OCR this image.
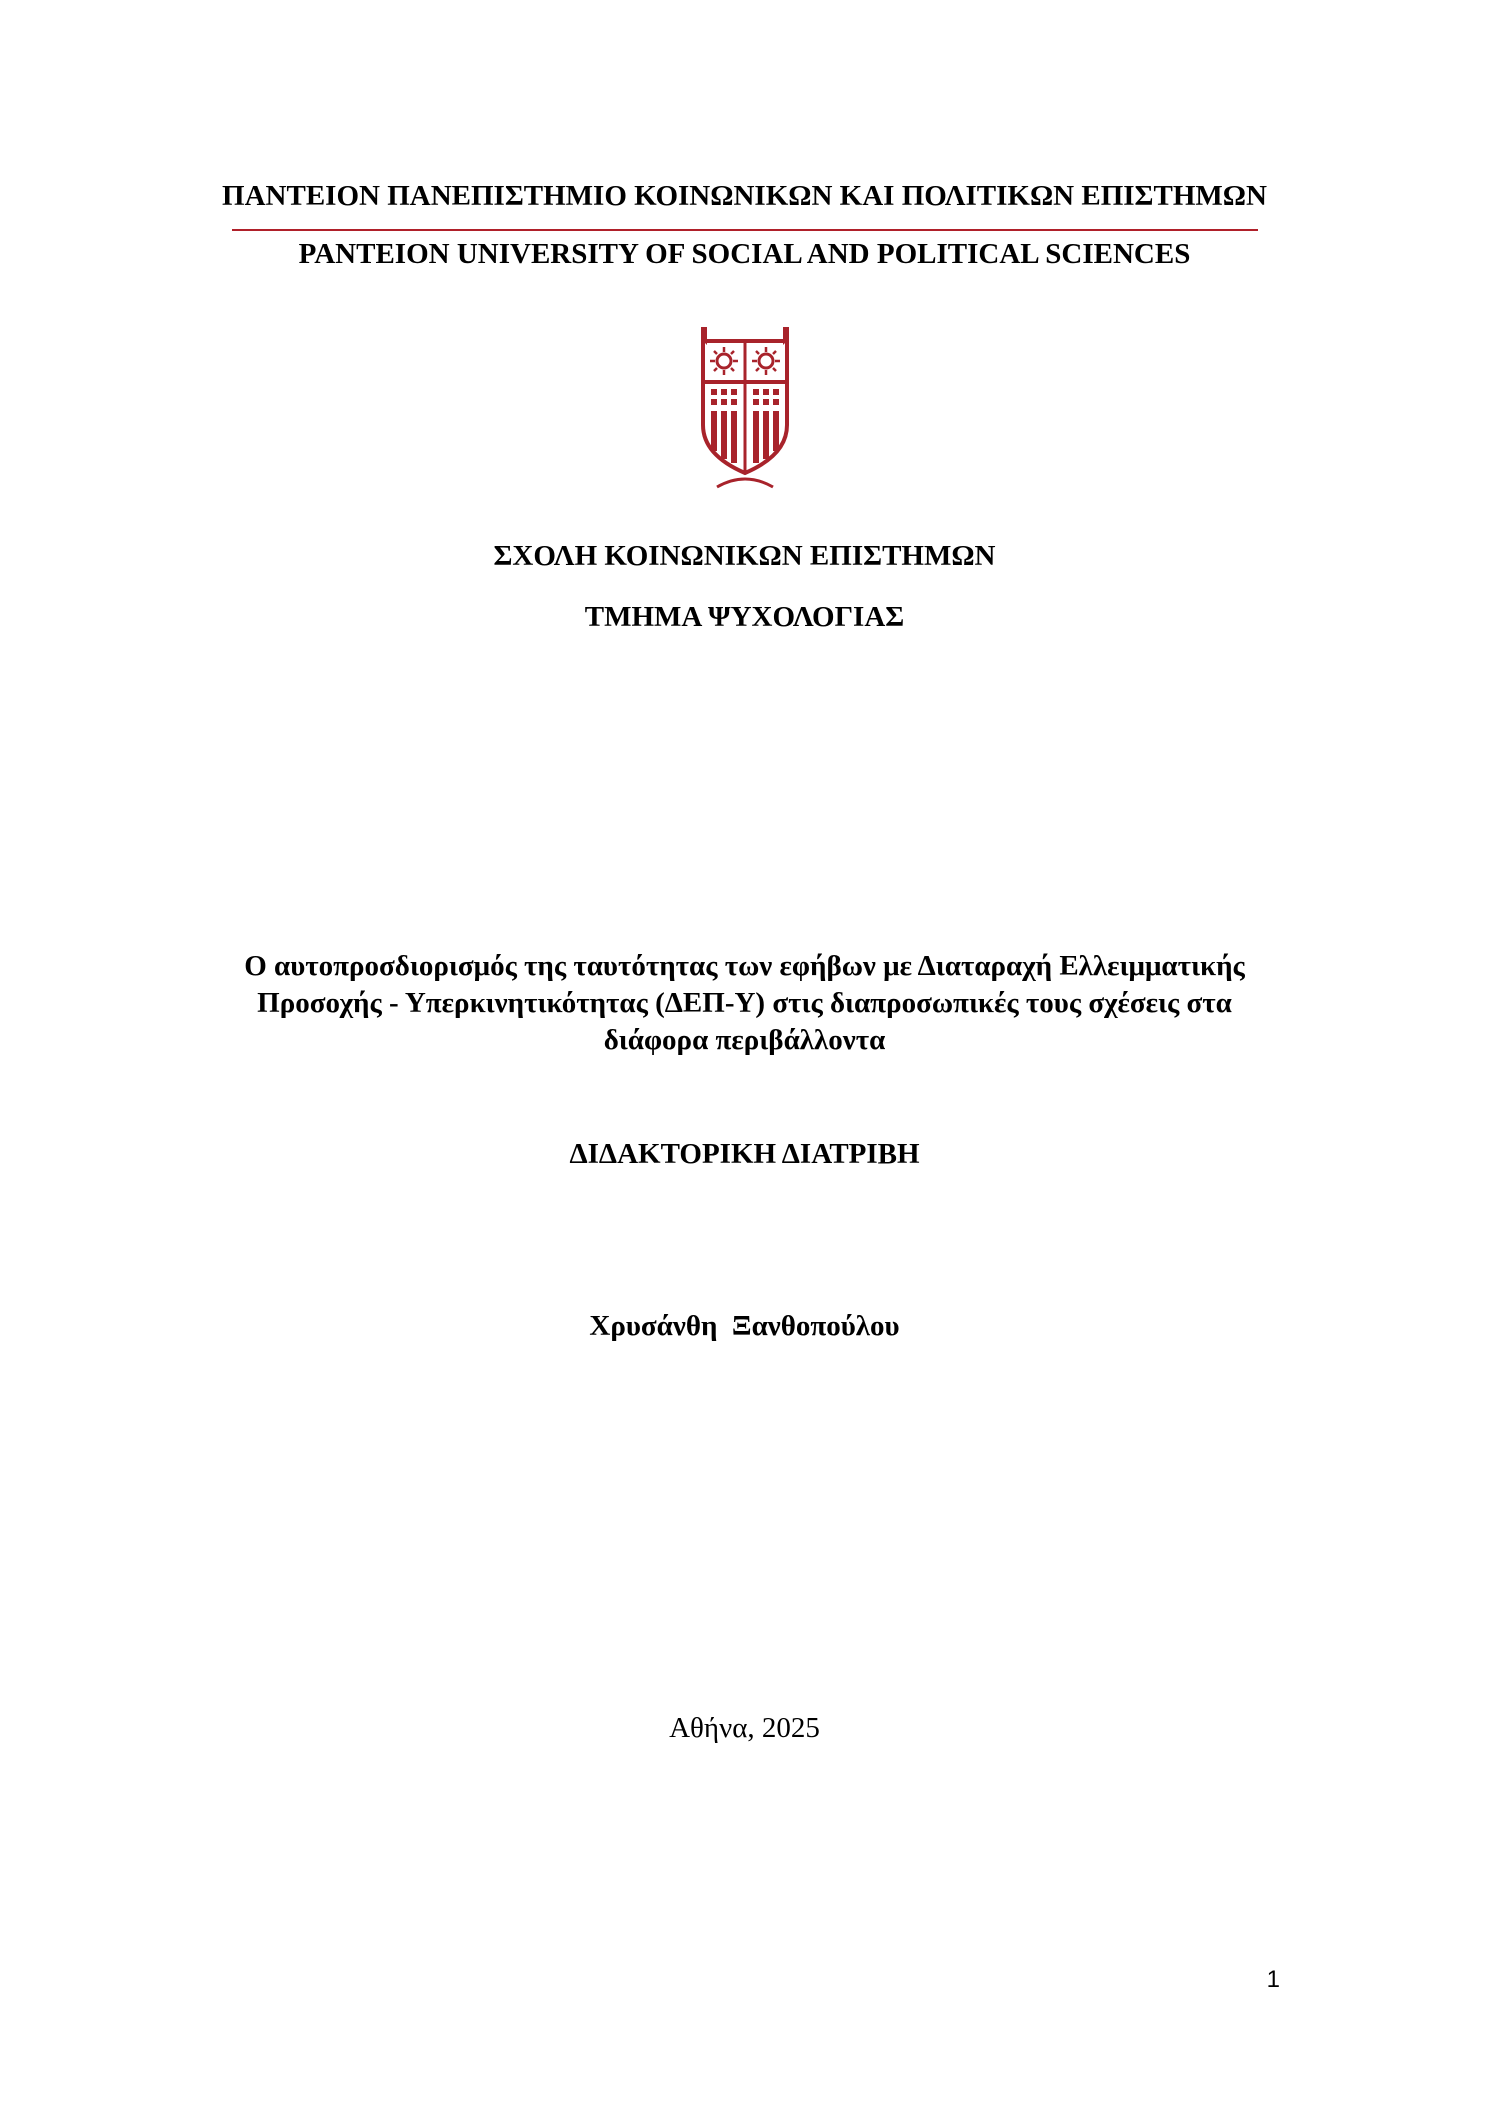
ΠΑΝΤΕΙΟΝ ΠΑΝΕΠΙΣΤΗΜΙΟ ΚΟΙΝΩΝΙΚΩΝ ΚΑΙ ΠΟΛΙΤΙΚΩΝ ΕΠΙΣΤΗΜΩΝ
PANTEION UNIVERSITY OF SOCIAL AND POLITICAL SCIENCES
ΣΧΟΛΗ ΚΟΙΝΩΝΙΚΩΝ ΕΠΙΣΤΗΜΩΝ
ΤΜΗΜΑ ΨΥΧΟΛΟΓΙΑΣ
Ο αυτοπροσδιορισμός της ταυτότητας των εφήβων με Διαταραχή Ελλειμματικής
Προσοχής - Υπερκινητικότητας (ΔΕΠ-Υ) στις διαπροσωπικές τους σχέσεις στα
διάφορα περιβάλλοντα
ΔΙΔΑΚΤΟΡΙΚΗ ΔΙΑΤΡΙΒΗ
Χρυσάνθη  Ξανθοπούλου
Αθήνα, 2025
1
